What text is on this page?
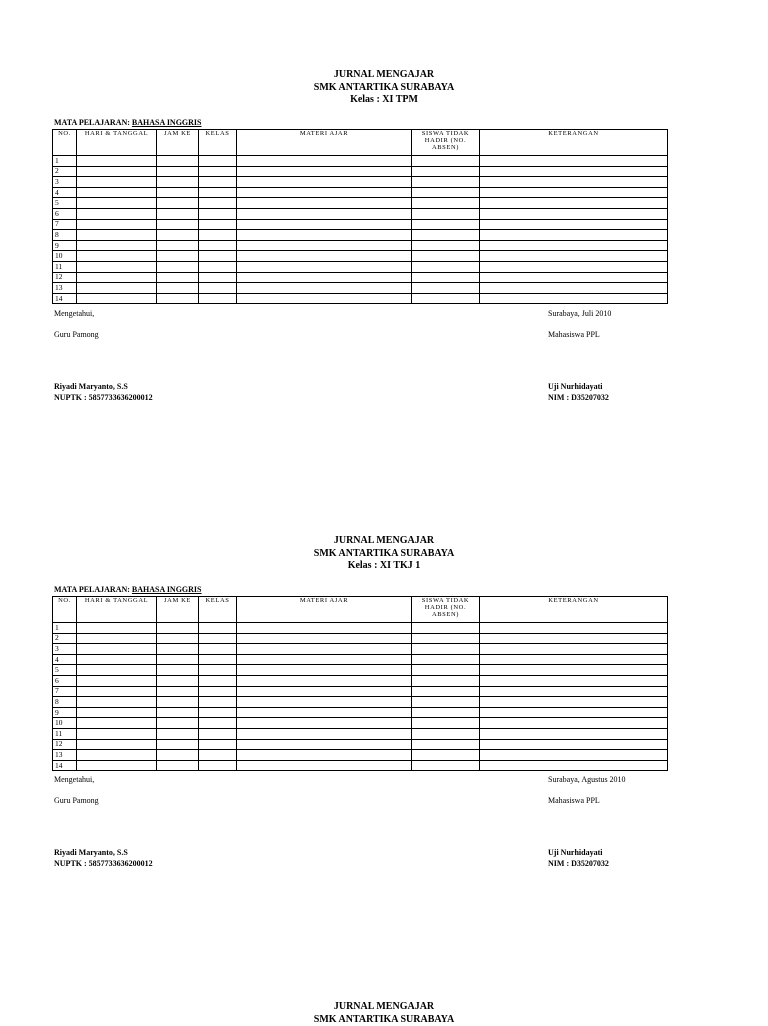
JURNAL MENGAJAR
SMK ANTARTIKA SURABAYA
Kelas : XI TPM
MATA PELAJARAN: BAHASA INGGRIS
NO.	HARI & TANGGAL	JAM KE	KELAS	MATERI AJAR	SISWA TIDAK HADIR (NO. ABSEN)	KETERANGAN
1						
2						
3						
4						
5						
6						
7						
8						
9						
10						
11						
12						
13						
14						
Mengetahui,	Surabaya, Juli 2010
Guru Pamong	Mahasiswa PPL
Riyadi Maryanto, S.S
NUPTK : 5857733636200012
Uji Nurhidayati
NIM : D35207032
JURNAL MENGAJAR
SMK ANTARTIKA SURABAYA
Kelas : XI TKJ 1
MATA PELAJARAN: BAHASA INGGRIS
NO.	HARI & TANGGAL	JAM KE	KELAS	MATERI AJAR	SISWA TIDAK HADIR (NO. ABSEN)	KETERANGAN
1						
2						
3						
4						
5						
6						
7						
8						
9						
10						
11						
12						
13						
14						
Mengetahui,	Surabaya, Agustus 2010
Guru Pamong	Mahasiswa PPL
Riyadi Maryanto, S.S
NUPTK : 5857733636200012
Uji Nurhidayati
NIM : D35207032
JURNAL MENGAJAR
SMK ANTARTIKA SURABAYA
